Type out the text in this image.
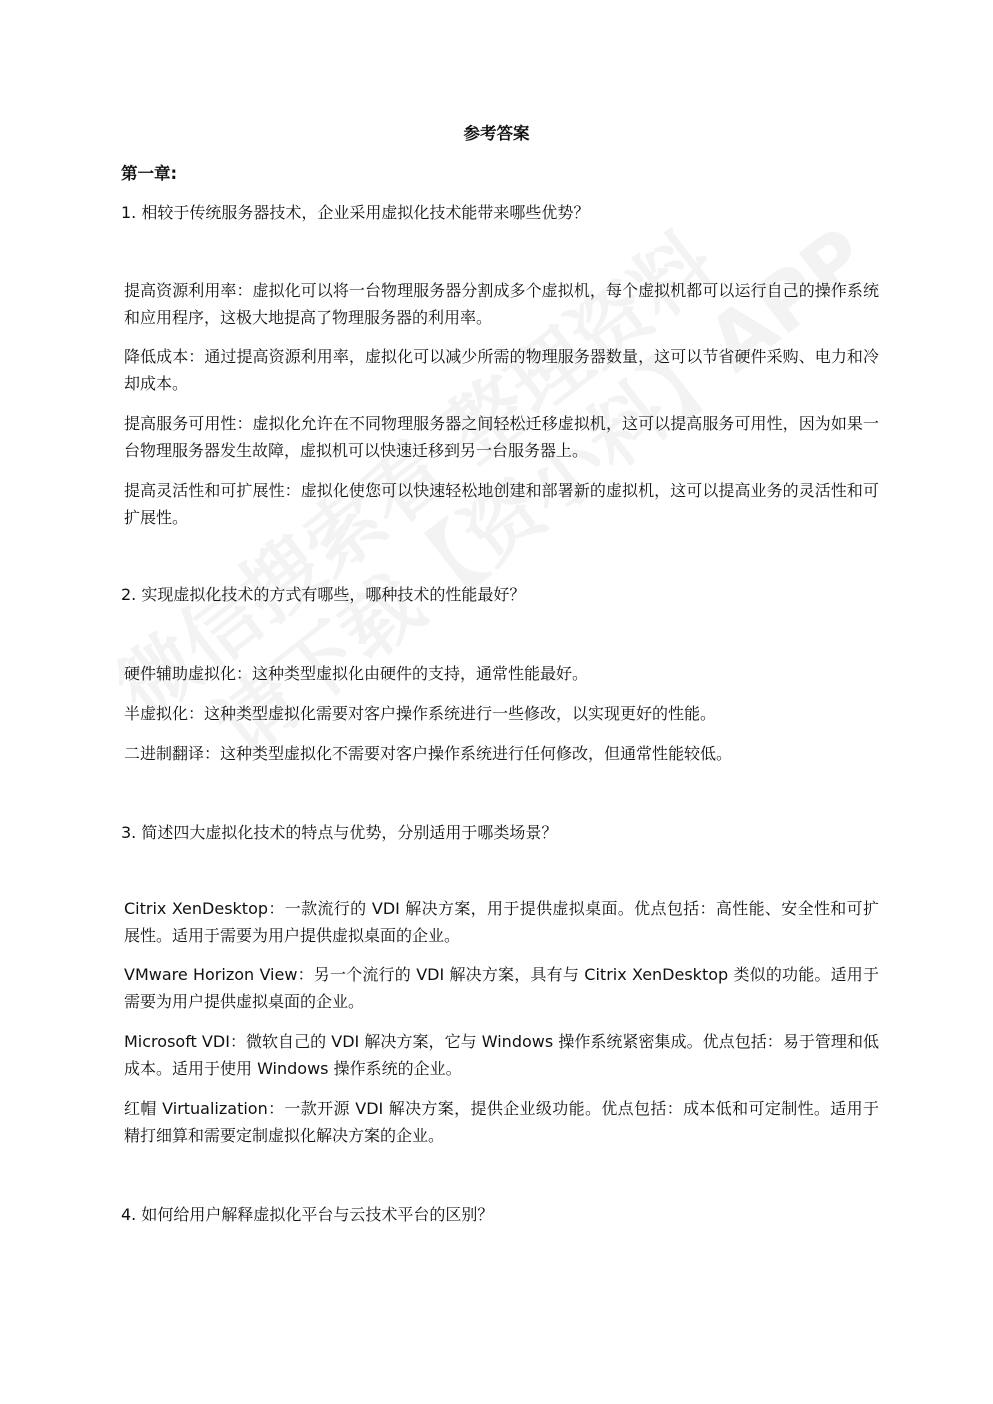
参考答案

第一章:

1. 相较于传统服务器技术，企业采用虚拟化技术能带来哪些优势？

提高资源利用率：虚拟化可以将一台物理服务器分割成多个虚拟机，每个虚拟机都可以运行自己的操作系统和应用程序，这极大地提高了物理服务器的利用率。

降低成本：通过提高资源利用率，虚拟化可以减少所需的物理服务器数量，这可以节省硬件采购、电力和冷却成本。

提高服务可用性：虚拟化允许在不同物理服务器之间轻松迁移虚拟机，这可以提高服务可用性，因为如果一台物理服务器发生故障，虚拟机可以快速迁移到另一台服务器上。

提高灵活性和可扩展性：虚拟化使您可以快速轻松地创建和部署新的虚拟机，这可以提高业务的灵活性和可扩展性。

2. 实现虚拟化技术的方式有哪些，哪种技术的性能最好？

硬件辅助虚拟化：这种类型虚拟化由硬件的支持，通常性能最好。

半虚拟化：这种类型虚拟化需要对客户操作系统进行一些修改，以实现更好的性能。

二进制翻译：这种类型虚拟化不需要对客户操作系统进行任何修改，但通常性能较低。

3. 简述四大虚拟化技术的特点与优势，分别适用于哪类场景？

Citrix XenDesktop：一款流行的 VDI 解决方案，用于提供虚拟桌面。优点包括：高性能、安全性和可扩展性。适用于需要为用户提供虚拟桌面的企业。

VMware Horizon View：另一个流行的 VDI 解决方案，具有与 Citrix XenDesktop 类似的功能。适用于需要为用户提供虚拟桌面的企业。

Microsoft VDI：微软自己的 VDI 解决方案，它与 Windows 操作系统紧密集成。优点包括：易于管理和低成本。适用于使用 Windows 操作系统的企业。

红帽 Virtualization：一款开源 VDI 解决方案，提供企业级功能。优点包括：成本低和可定制性。适用于精打细算和需要定制虚拟化解决方案的企业。

4. 如何给用户解释虚拟化平台与云技术平台的区别？
